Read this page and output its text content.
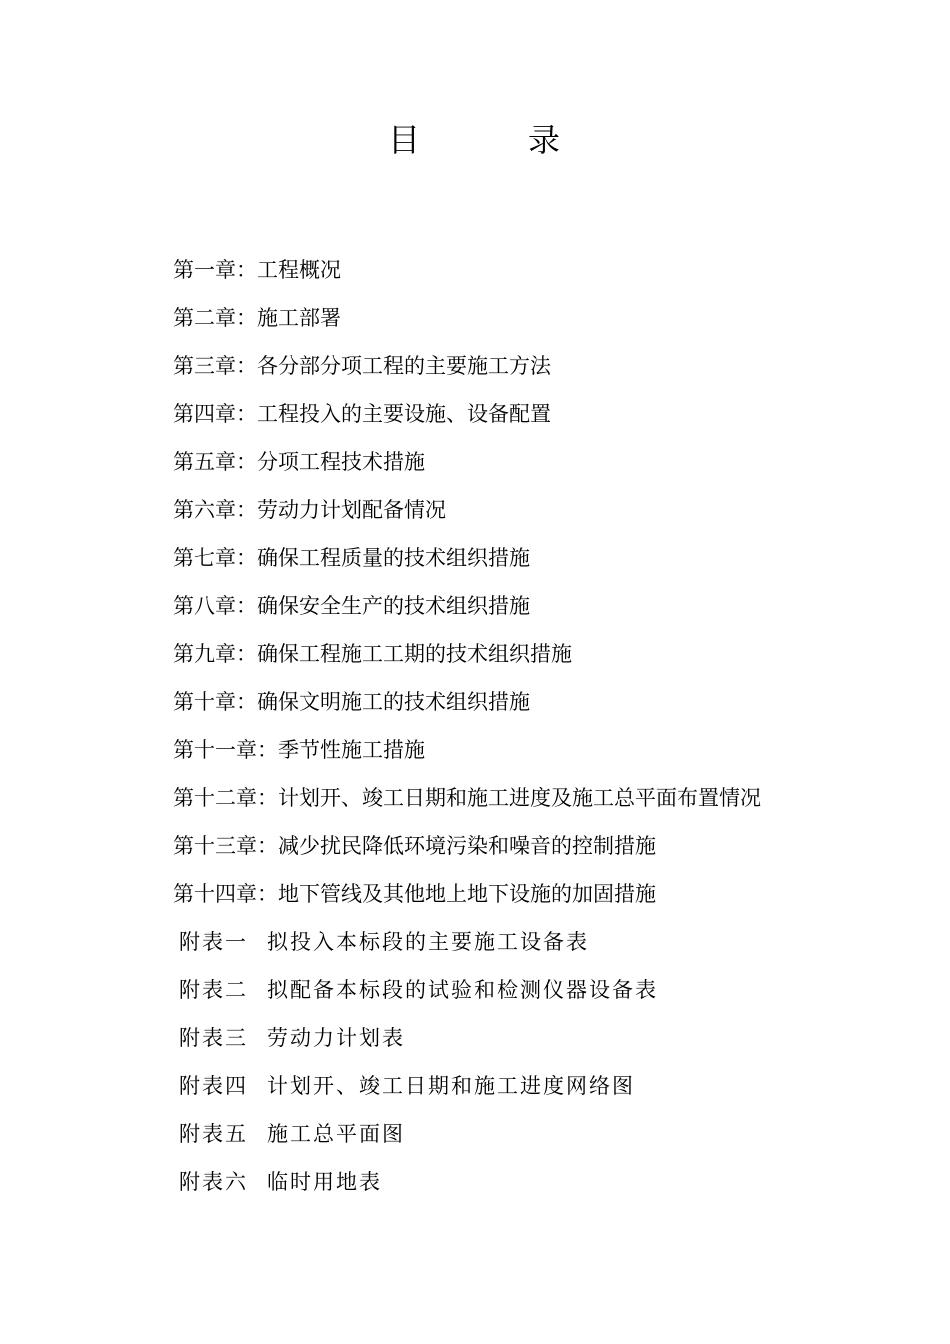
目	录
第一章：工程概况
第二章：施工部署
第三章：各分部分项工程的主要施工方法
第四章：工程投入的主要设施、设备配置
第五章：分项工程技术措施
第六章：劳动力计划配备情况
第七章：确保工程质量的技术组织措施
第八章：确保安全生产的技术组织措施
第九章：确保工程施工工期的技术组织措施
第十章：确保文明施工的技术组织措施
第十一章：季节性施工措施
第十二章：计划开、竣工日期和施工进度及施工总平面布置情况
第十三章：减少扰民降低环境污染和噪音的控制措施
第十四章：地下管线及其他地上地下设施的加固措施
附表一 拟投入本标段的主要施工设备表
附表二 拟配备本标段的试验和检测仪器设备表
附表三 劳动力计划表
附表四 计划开、竣工日期和施工进度网络图
附表五 施工总平面图
附表六 临时用地表
